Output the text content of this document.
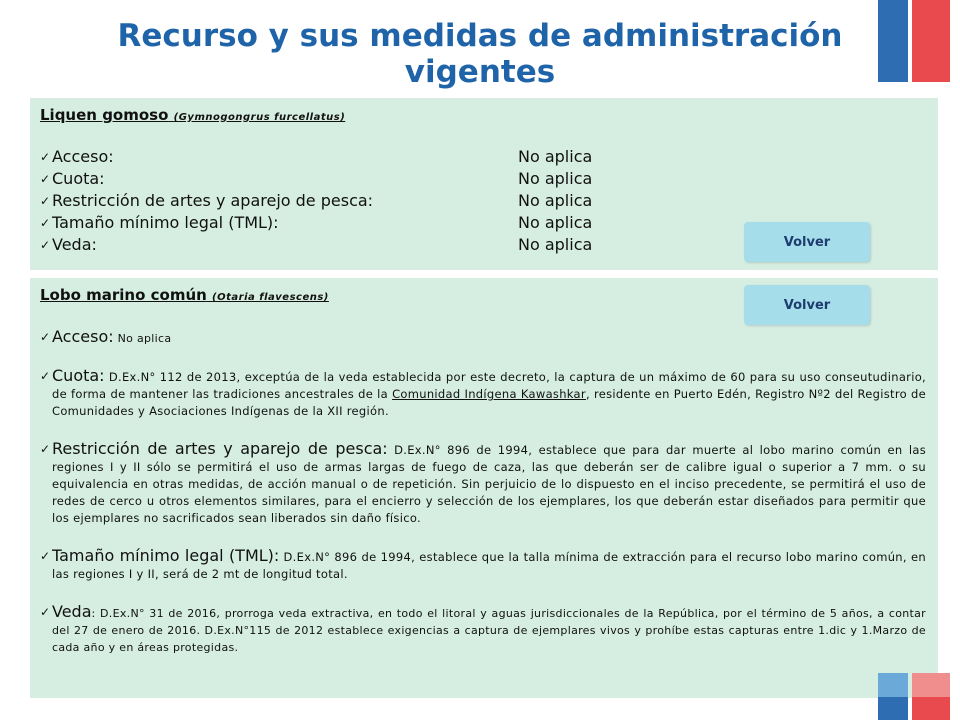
Recurso y sus medidas de administración vigentes

Liquen gomoso (Gymnogongrus furcellatus)

✓ Acceso:	No aplica
✓ Cuota:	No aplica
✓ Restricción de artes y aparejo de pesca:	No aplica
✓ Tamaño mínimo legal (TML):	No aplica
✓ Veda:	No aplica	Volver

Lobo marino común (Otaria flavescens)

✓ Acceso: No aplica
✓ Cuota: D.Ex.N° 112 de 2013, exceptúa de la veda establecida por este decreto, la captura de un máximo de 60 para su uso conseutudinario, de forma de mantener las tradiciones ancestrales de la Comunidad Indígena Kawashkar, residente en Puerto Edén, Registro Nº2 del Registro de Comunidades y Asociaciones Indígenas de la XII región.
✓ Restricción de artes y aparejo de pesca: D.Ex.N° 896 de 1994, establece que para dar muerte al lobo marino común en las regiones I y II sólo se permitirá el uso de armas largas de fuego de caza, las que deberán ser de calibre igual o superior a 7 mm. o su equivalencia en otras medidas, de acción manual o de repetición. Sin perjuicio de lo dispuesto en el inciso precedente, se permitirá el uso de redes de cerco u otros elementos similares, para el encierro y selección de los ejemplares, los que deberán estar diseñados para permitir que los ejemplares no sacrificados sean liberados sin daño físico.
✓ Tamaño mínimo legal (TML): D.Ex.N° 896 de 1994, establece que la talla mínima de extracción para el recurso lobo marino común, en las regiones I y II, será de 2 mt de longitud total.
✓ Veda: D.Ex.N° 31 de 2016, prorroga veda extractiva, en todo el litoral y aguas jurisdiccionales de la República, por el término de 5 años, a contar del 27 de enero de 2016. D.Ex.N°115 de 2012 establece exigencias a captura de ejemplares vivos y prohíbe estas capturas entre 1.dic y 1.Marzo de cada año y en áreas protegidas.
Volver
